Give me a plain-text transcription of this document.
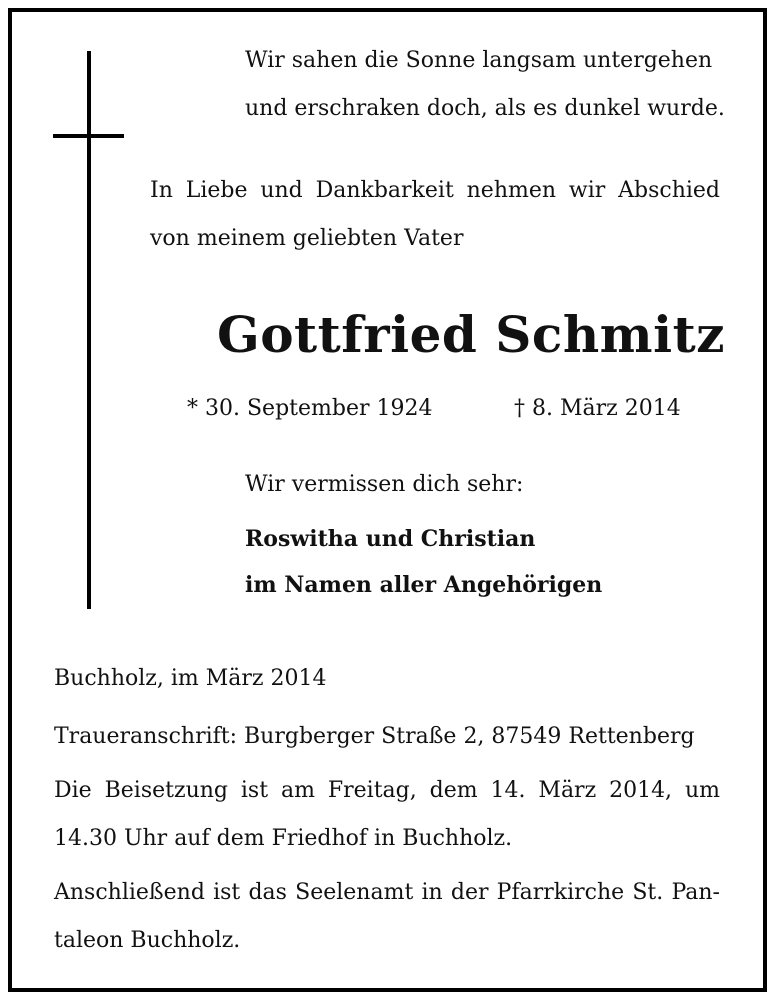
Wir sahen die Sonne langsam untergehen
und erschraken doch, als es dunkel wurde.
In Liebe und Dankbarkeit nehmen wir Abschied
von meinem geliebten Vater
Gottfried Schmitz
* 30. September 1924	† 8. März 2014
Wir vermissen dich sehr:
Roswitha und Christian
im Namen aller Angehörigen
Buchholz, im März 2014
Traueranschrift: Burgberger Straße 2, 87549 Rettenberg
Die Beisetzung ist am Freitag, dem 14. März 2014, um
14.30 Uhr auf dem Friedhof in Buchholz.
Anschließend ist das Seelenamt in der Pfarrkirche St. Pan-
taleon Buchholz.
